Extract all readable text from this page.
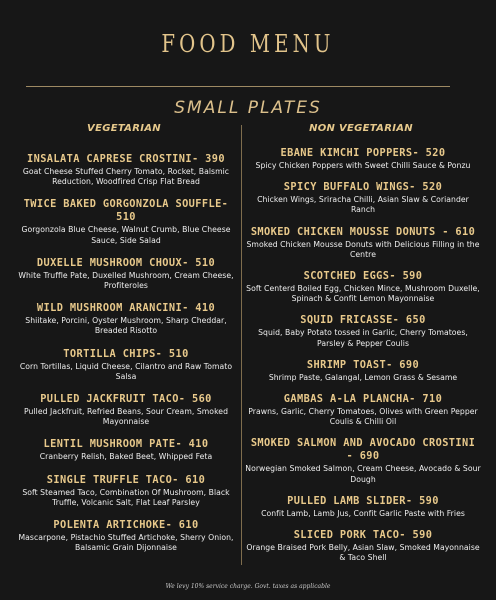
FOOD MENU
SMALL PLATES
VEGETARIAN	NON VEGETARIAN
INSALATA CAPRESE CROSTINI- 390
Goat Cheese Stuffed Cherry Tomato, Rocket, Balsmic Reduction, Woodfired Crisp Flat Bread
TWICE BAKED GORGONZOLA SOUFFLE- 510
Gorgonzola Blue Cheese, Walnut Crumb, Blue Cheese Sauce, Side Salad
DUXELLE MUSHROOM CHOUX- 510
White Truffle Pate, Duxelled Mushroom, Cream Cheese, Profiteroles
WILD MUSHROOM ARANCINI- 410
Shiitake, Porcini, Oyster Mushroom, Sharp Cheddar, Breaded Risotto
TORTILLA CHIPS- 510
Corn Tortillas, Liquid Cheese, Cilantro and Raw Tomato Salsa
PULLED JACKFRUIT TACO- 560
Pulled Jackfruit, Refried Beans, Sour Cream, Smoked Mayonnaise
LENTIL MUSHROOM PATE- 410
Cranberry Relish, Baked Beet, Whipped Feta
SINGLE TRUFFLE TACO- 610
Soft Steamed Taco, Combination Of Mushroom, Black Truffle, Volcanic Salt, Flat Leaf Parsley
POLENTA ARTICHOKE- 610
Mascarpone, Pistachio Stuffed Artichoke, Sherry Onion, Balsamic Grain Dijonnaise
EBANE KIMCHI POPPERS- 520
Spicy Chicken Poppers with Sweet Chilli Sauce & Ponzu
SPICY BUFFALO WINGS- 520
Chicken Wings, Sriracha Chilli, Asian Slaw & Coriander Ranch
SMOKED CHICKEN MOUSSE DONUTS - 610
Smoked Chicken Mousse Donuts with Delicious Filling in the Centre
SCOTCHED EGGS- 590
Soft Centerd Boiled Egg, Chicken Mince, Mushroom Duxelle, Spinach & Confit Lemon Mayonnaise
SQUID FRICASSE- 650
Squid, Baby Potato tossed in Garlic, Cherry Tomatoes, Parsley & Pepper Coulis
SHRIMP TOAST- 690
Shrimp Paste, Galangal, Lemon Grass & Sesame
GAMBAS A-LA PLANCHA- 710
Prawns, Garlic, Cherry Tomatoes, Olives with Green Pepper Coulis & Chilli Oil
SMOKED SALMON AND AVOCADO CROSTINI - 690
Norwegian Smoked Salmon, Cream Cheese, Avocado & Sour Dough
PULLED LAMB SLIDER- 590
Confit Lamb, Lamb Jus, Confit Garlic Paste with Fries
SLICED PORK TACO- 590
Orange Braised Pork Belly, Asian Slaw, Smoked Mayonnaise & Taco Shell
We levy 10% service charge. Govt. taxes as applicable
